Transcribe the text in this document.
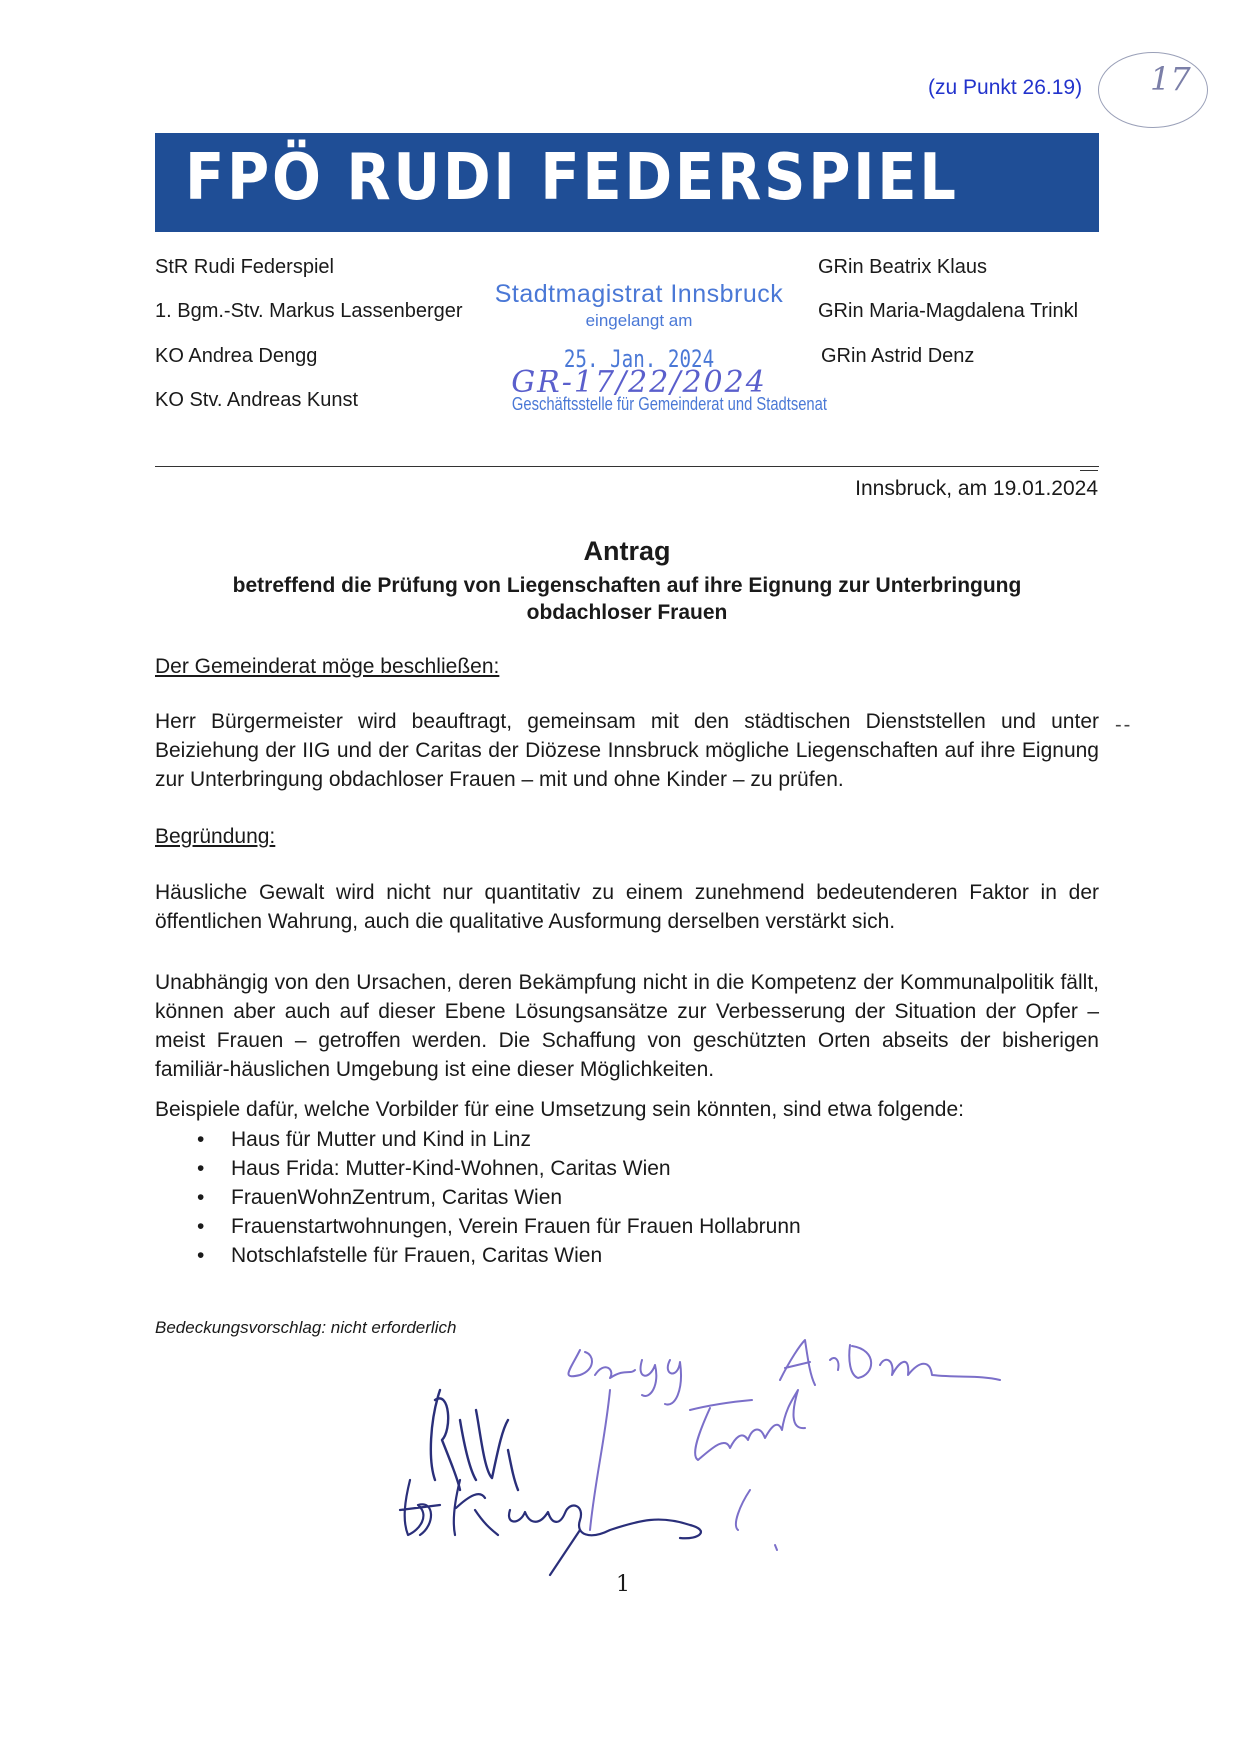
(zu Punkt 26.19) 17
FPÖ RUDI FEDERSPIEL
StR Rudi Federspiel
1. Bgm.-Stv. Markus Lassenberger
KO Andrea Dengg
KO Stv. Andreas Kunst
GRin Beatrix Klaus
GRin Maria-Magdalena Trinkl
GRin Astrid Denz
Stadtmagistrat Innsbruck
eingelangt am
25. Jan. 2024
GR-17/22/2024
Geschäftsstelle für Gemeinderat und Stadtsenat
Innsbruck, am 19.01.2024
Antrag
betreffend die Prüfung von Liegenschaften auf ihre Eignung zur Unterbringung
obdachloser Frauen
Der Gemeinderat möge beschließen:
Herr Bürgermeister wird beauftragt, gemeinsam mit den städtischen Dienststellen und unter Beiziehung der IIG und der Caritas der Diözese Innsbruck mögliche Liegenschaften auf ihre Eignung zur Unterbringung obdachloser Frauen – mit und ohne Kinder – zu prüfen.
--
Begründung:
Häusliche Gewalt wird nicht nur quantitativ zu einem zunehmend bedeutenderen Faktor in der öffentlichen Wahrung, auch die qualitative Ausformung derselben verstärkt sich.
Unabhängig von den Ursachen, deren Bekämpfung nicht in die Kompetenz der Kommunalpolitik fällt, können aber auch auf dieser Ebene Lösungsansätze zur Verbesserung der Situation der Opfer – meist Frauen – getroffen werden. Die Schaffung von geschützten Orten abseits der bisherigen familiär-häuslichen Umgebung ist eine dieser Möglichkeiten.
Beispiele dafür, welche Vorbilder für eine Umsetzung sein könnten, sind etwa folgende:
• Haus für Mutter und Kind in Linz
• Haus Frida: Mutter-Kind-Wohnen, Caritas Wien
• FrauenWohnZentrum, Caritas Wien
• Frauenstartwohnungen, Verein Frauen für Frauen Hollabrunn
• Notschlafstelle für Frauen, Caritas Wien
Bedeckungsvorschlag: nicht erforderlich
1
